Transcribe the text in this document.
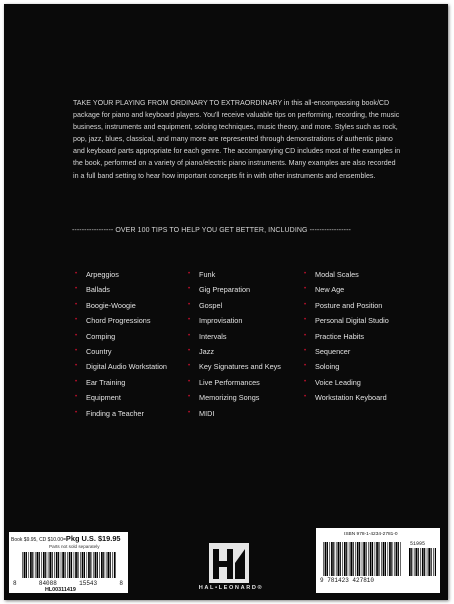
TAKE YOUR PLAYING FROM ORDINARY TO EXTRAORDINARY in this all-encompassing book/CD package for piano and keyboard players. You'll receive valuable tips on performing, recording, the music business, instruments and equipment, soloing techniques, music theory, and more. Styles such as rock, pop, jazz, blues, classical, and many more are represented through demonstrations of authentic piano and keyboard parts appropriate for each genre. The accompanying CD includes most of the examples in the book, performed on a variety of piano/electric piano instruments. Many examples are also recorded in a full band setting to hear how important concepts fit in with other instruments and ensembles.

----------------- OVER 100 TIPS TO HELP YOU GET BETTER, INCLUDING -----------------
• Arpeggios
• Ballads
• Boogie-Woogie
• Chord Progressions
• Comping
• Country
• Digital Audio Workstation
• Ear Training
• Equipment
• Finding a Teacher
• Funk
• Gig Preparation
• Gospel
• Improvisation
• Intervals
• Jazz
• Key Signatures and Keys
• Live Performances
• Memorizing Songs
• MIDI
• Modal Scales
• New Age
• Posture and Position
• Personal Digital Studio
• Practice Habits
• Sequencer
• Soloing
• Voice Leading
• Workstation Keyboard
HAL•LEONARD®
Book $9.95, CD $10.00=Pkg U.S. $19.95
Parts not sold separately
8	84088	15543	8
HL00311419
ISBN 978-1-4234-2781-0
51995
9 781423 427810
